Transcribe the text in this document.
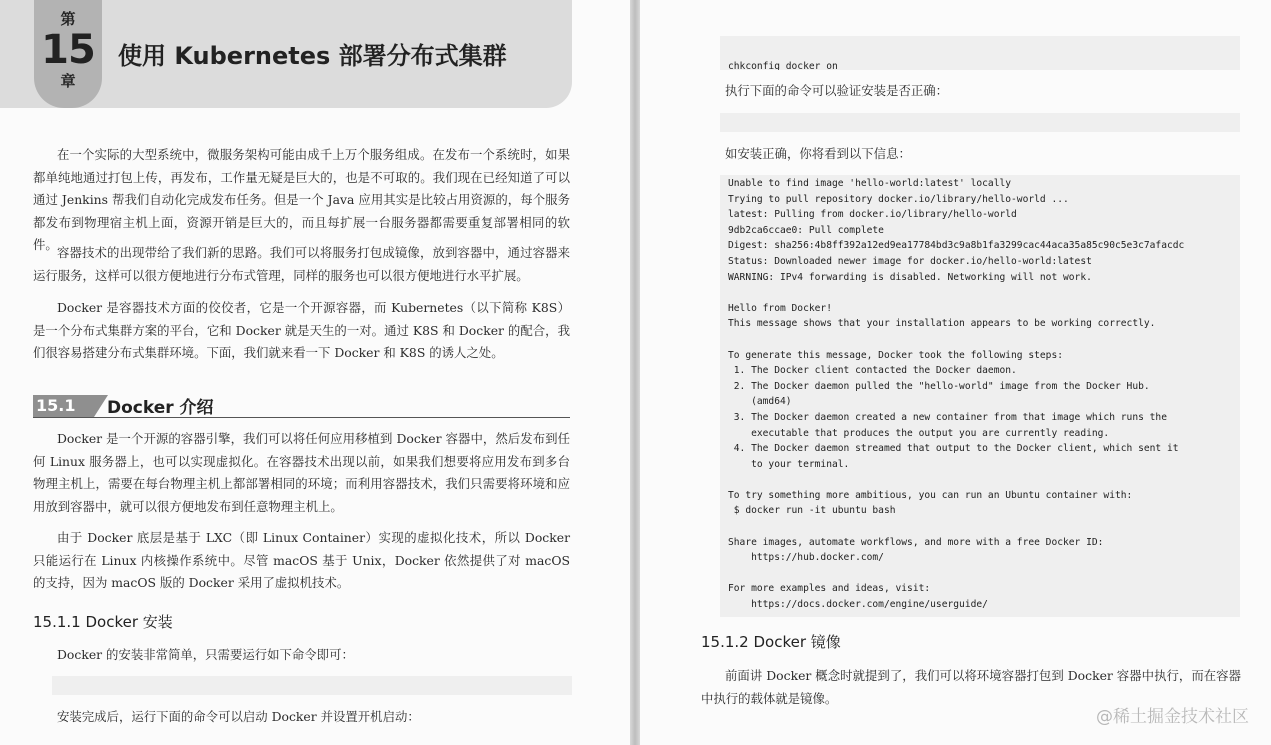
第
15
章
使用 Kubernetes 部署分布式集群
在一个实际的大型系统中，微服务架构可能由成千上万个服务组成。在发布一个系统时，如果都单纯地通过打包上传，再发布，工作量无疑是巨大的，也是不可取的。我们现在已经知道了可以通过 Jenkins 帮我们自动化完成发布任务。但是一个 Java 应用其实是比较占用资源的，每个服务都发布到物理宿主机上面，资源开销是巨大的，而且每扩展一台服务器都需要重复部署相同的软件。
容器技术的出现带给了我们新的思路。我们可以将服务打包成镜像，放到容器中，通过容器来运行服务，这样可以很方便地进行分布式管理，同样的服务也可以很方便地进行水平扩展。
Docker 是容器技术方面的佼佼者，它是一个开源容器，而 Kubernetes（以下简称 K8S）是一个分布式集群方案的平台，它和 Docker 就是天生的一对。通过 K8S 和 Docker 的配合，我们很容易搭建分布式集群环境。下面，我们就来看一下 Docker 和 K8S 的诱人之处。
15.1	Docker 介绍
Docker 是一个开源的容器引擎，我们可以将任何应用移植到 Docker 容器中，然后发布到任何 Linux 服务器上，也可以实现虚拟化。在容器技术出现以前，如果我们想要将应用发布到多台物理主机上，需要在每台物理主机上都部署相同的环境；而利用容器技术，我们只需要将环境和应用放到容器中，就可以很方便地发布到任意物理主机上。
由于 Docker 底层是基于 LXC（即 Linux Container）实现的虚拟化技术，所以 Docker 只能运行在 Linux 内核操作系统中。尽管 macOS 基于 Unix，Docker 依然提供了对 macOS 的支持，因为 macOS 版的 Docker 采用了虚拟机技术。
15.1.1 Docker 安装
Docker 的安装非常简单，只需要运行如下命令即可：

安装完成后，运行下面的命令可以启动 Docker 并设置开机启动：

chkconfig docker on

执行下面的命令可以验证安装是否正确：

如安装正确，你将看到以下信息：
Unable to find image 'hello-world:latest' locally
Trying to pull repository docker.io/library/hello-world ...
latest: Pulling from docker.io/library/hello-world
9db2ca6ccae0: Pull complete
Digest: sha256:4b8ff392a12ed9ea17784bd3c9a8b1fa3299cac44aca35a85c90c5e3c7afacdc
Status: Downloaded newer image for docker.io/hello-world:latest
WARNING: IPv4 forwarding is disabled. Networking will not work.
Hello from Docker!
This message shows that your installation appears to be working correctly.
To generate this message, Docker took the following steps:
1. The Docker client contacted the Docker daemon.
2. The Docker daemon pulled the "hello-world" image from the Docker Hub.
(amd64)
3. The Docker daemon created a new container from that image which runs the
executable that produces the output you are currently reading.
4. The Docker daemon streamed that output to the Docker client, which sent it
to your terminal.
To try something more ambitious, you can run an Ubuntu container with:
$ docker run -it ubuntu bash
Share images, automate workflows, and more with a free Docker ID:
https://hub.docker.com/
For more examples and ideas, visit:
https://docs.docker.com/engine/userguide/
15.1.2 Docker 镜像
前面讲 Docker 概念时就提到了，我们可以将环境容器打包到 Docker 容器中执行，而在容器中执行的载体就是镜像。
@稀土掘金技术社区
